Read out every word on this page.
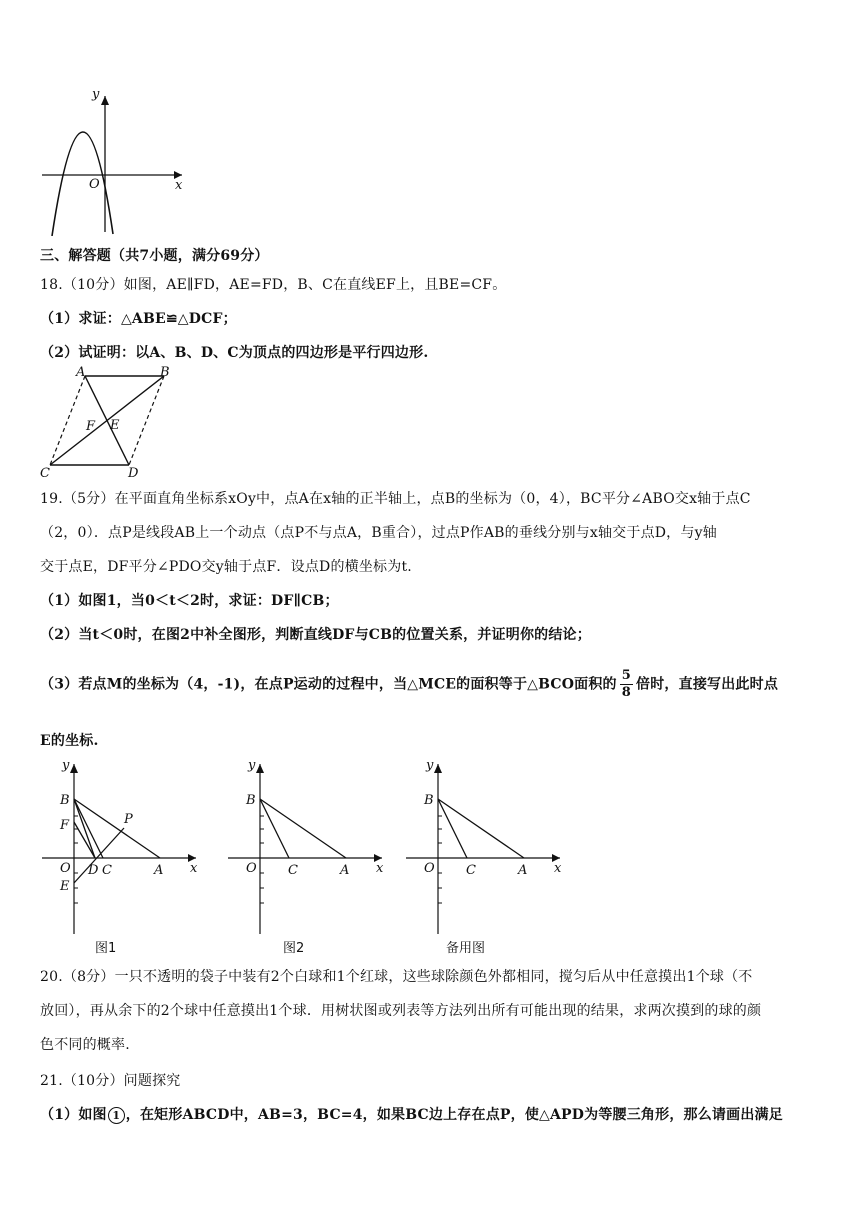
y
x
O
三、解答题（共7小题，满分69分）
18.（10分）如图，AE∥FD，AE=FD，B、C在直线EF上，且BE=CF。
（1）求证：△ABE≌△DCF；
（2）试证明：以A、B、D、C为顶点的四边形是平行四边形.
A	B
F E
C	D
19.（5分）在平面直角坐标系xOy中，点A在x轴的正半轴上，点B的坐标为（0，4），BC平分∠ABO交x轴于点C
（2，0）．点P是线段AB上一个动点（点P不与点A，B重合），过点P作AB的垂线分别与x轴交于点D，与y轴
交于点E，DF平分∠PDO交y轴于点F．设点D的横坐标为t.
（1）如图1，当0＜t＜2时，求证：DF∥CB；
（2）当t＜0时，在图2中补全图形，判断直线DF与CB的位置关系，并证明你的结论；
（3）若点M的坐标为（4，-1)，在点P运动的过程中，当△MCE的面积等于△BCO面积的 $\frac{5}{8}$ 倍时，直接写出此时点
E的坐标.
y
B
F	P
O D C	A x
E
图1
y
B
O C	A x
图2
y
B
O C	A x
备用图
20.（8分）一只不透明的袋子中装有2个白球和1个红球，这些球除颜色外都相同，搅匀后从中任意摸出1个球（不
放回），再从余下的2个球中任意摸出1个球．用树状图或列表等方法列出所有可能出现的结果，求两次摸到的球的颜
色不同的概率.
21.（10分）问题探究
（1）如图 1 ，在矩形ABCD中，AB=3，BC=4，如果BC边上存在点P，使△APD为等腰三角形，那么请画出满足
